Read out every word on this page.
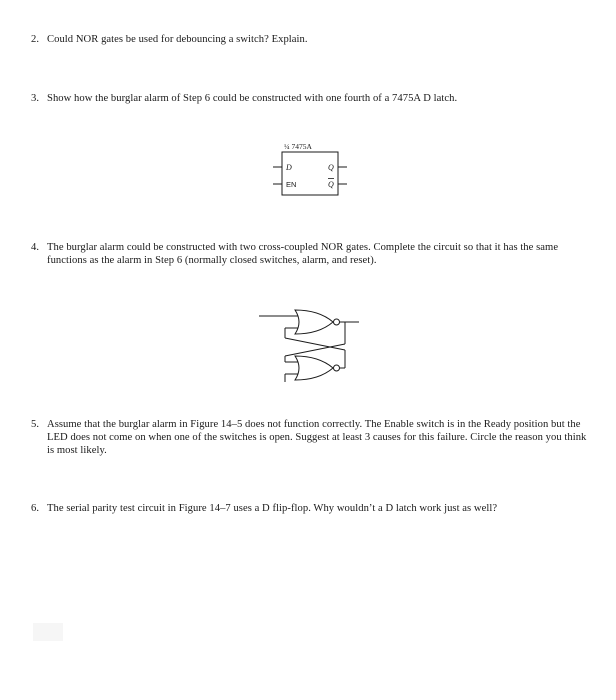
2. Could NOR gates be used for debouncing a switch? Explain.
3. Show how the burglar alarm of Step 6 could be constructed with one fourth of a 7475A D latch.
¼ 7475A
D
EN
Q
Q
4. The burglar alarm could be constructed with two cross-coupled NOR gates. Complete the circuit so that it has the same functions as the alarm in Step 6 (normally closed switches, alarm, and reset).
5. Assume that the burglar alarm in Figure 14–5 does not function correctly. The Enable switch is in the Ready position but the LED does not come on when one of the switches is open. Suggest at least 3 causes for this failure. Circle the reason you think is most likely.
6. The serial parity test circuit in Figure 14–7 uses a D flip-flop. Why wouldn’t a D latch work just as well?
